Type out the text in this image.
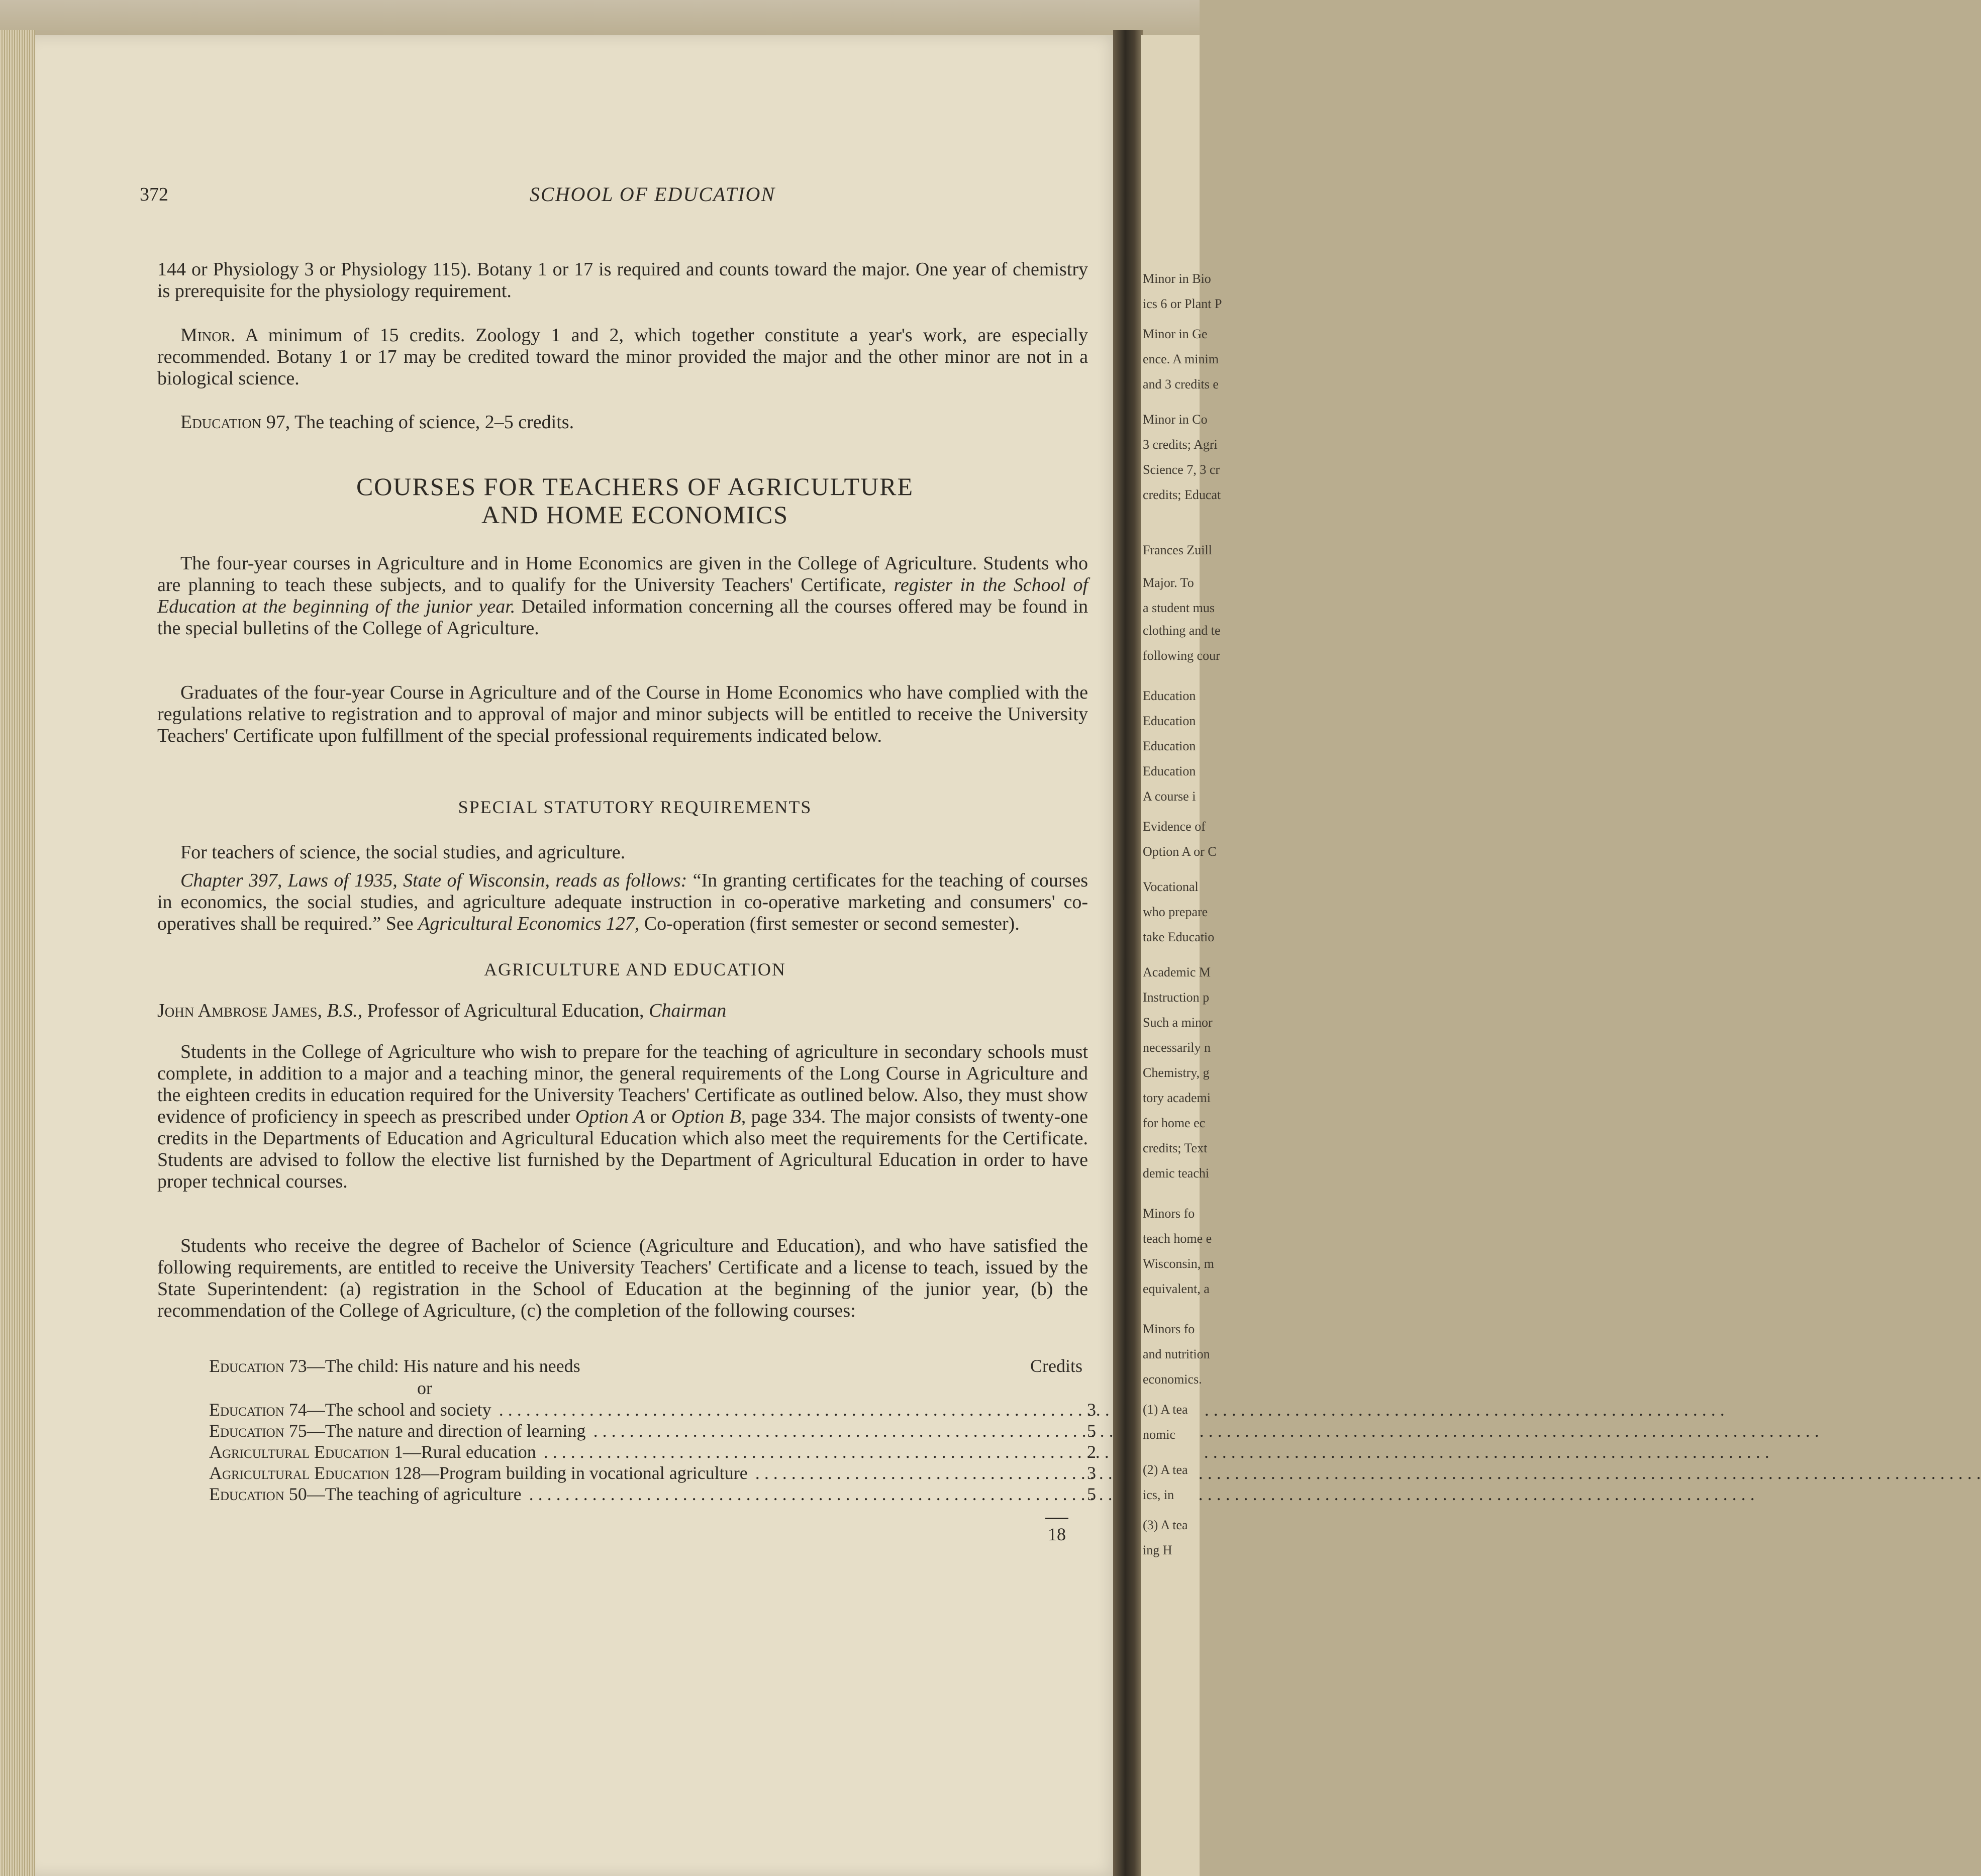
372	SCHOOL OF EDUCATION
144 or Physiology 3 or Physiology 115). Botany 1 or 17 is required and counts toward the major. One year of chemistry is prerequisite for the physiology requirement.
Minor. A minimum of 15 credits. Zoology 1 and 2, which together constitute a year's work, are especially recommended. Botany 1 or 17 may be credited toward the minor provided the major and the other minor are not in a biological science.
Education 97, The teaching of science, 2–5 credits.
COURSES FOR TEACHERS OF AGRICULTURE
AND HOME ECONOMICS
The four-year courses in Agriculture and in Home Economics are given in the College of Agriculture. Students who are planning to teach these subjects, and to qualify for the University Teachers' Certificate, register in the School of Education at the beginning of the junior year. Detailed information concerning all the courses offered may be found in the special bulletins of the College of Agriculture.
Graduates of the four-year Course in Agriculture and of the Course in Home Economics who have complied with the regulations relative to registration and to approval of major and minor subjects will be entitled to receive the University Teachers' Certificate upon fulfillment of the special professional requirements indicated below.
SPECIAL STATUTORY REQUIREMENTS
For teachers of science, the social studies, and agriculture.
Chapter 397, Laws of 1935, State of Wisconsin, reads as follows: “In granting certificates for the teaching of courses in economics, the social studies, and agriculture adequate instruction in co-operative marketing and consumers' co-operatives shall be required.” See Agricultural Economics 127, Co-operation (first semester or second semester).
AGRICULTURE AND EDUCATION
John Ambrose James, B.S., Professor of Agricultural Education, Chairman
Students in the College of Agriculture who wish to prepare for the teaching of agriculture in secondary schools must complete, in addition to a major and a teaching minor, the general requirements of the Long Course in Agriculture and the eighteen credits in education required for the University Teachers' Certificate as outlined below. Also, they must show evidence of proficiency in speech as prescribed under Option A or Option B, page 334. The major consists of twenty-one credits in the Departments of Education and Agricultural Education which also meet the requirements for the Certificate. Students are advised to follow the elective list furnished by the Department of Agricultural Education in order to have proper technical courses.
Students who receive the degree of Bachelor of Science (Agriculture and Education), and who have satisfied the following requirements, are entitled to receive the University Teachers' Certificate and a license to teach, issued by the State Superintendent: (a) registration in the School of Education at the beginning of the junior year, (b) the recommendation of the College of Agriculture, (c) the completion of the following courses:
Credits
Education 73—The child: His nature and his needs
or
Education 74—The school and society . . .	3
Education 75—The nature and direction of learning . . .	5
Agricultural Education 1—Rural education . . .	2
Agricultural Education 128—Program building in vocational agriculture . . .	3
Education 50—The teaching of agriculture . . .	5
18
Minor in Bio
ics 6 or Plant P
Minor in Ge
ence. A minim
and 3 credits e
Minor in Co
3 credits; Agri
Science 7, 3 cr
credits; Educat
Frances Zuill
Major. To
a student mus
clothing and te
following cour
Education
Education
Education
Education
A course i
Evidence of
Option A or C
Vocational
who prepare
take Educatio
Academic M
Instruction p
Such a minor
necessarily n
Chemistry, g
tory academi
for home ec
credits; Text
demic teachi
Minors fo
teach home e
Wisconsin, m
equivalent, a
Minors fo
and nutrition
economics.
(1) A tea
nomic
(2) A tea
ics, in
(3) A tea
ing H
